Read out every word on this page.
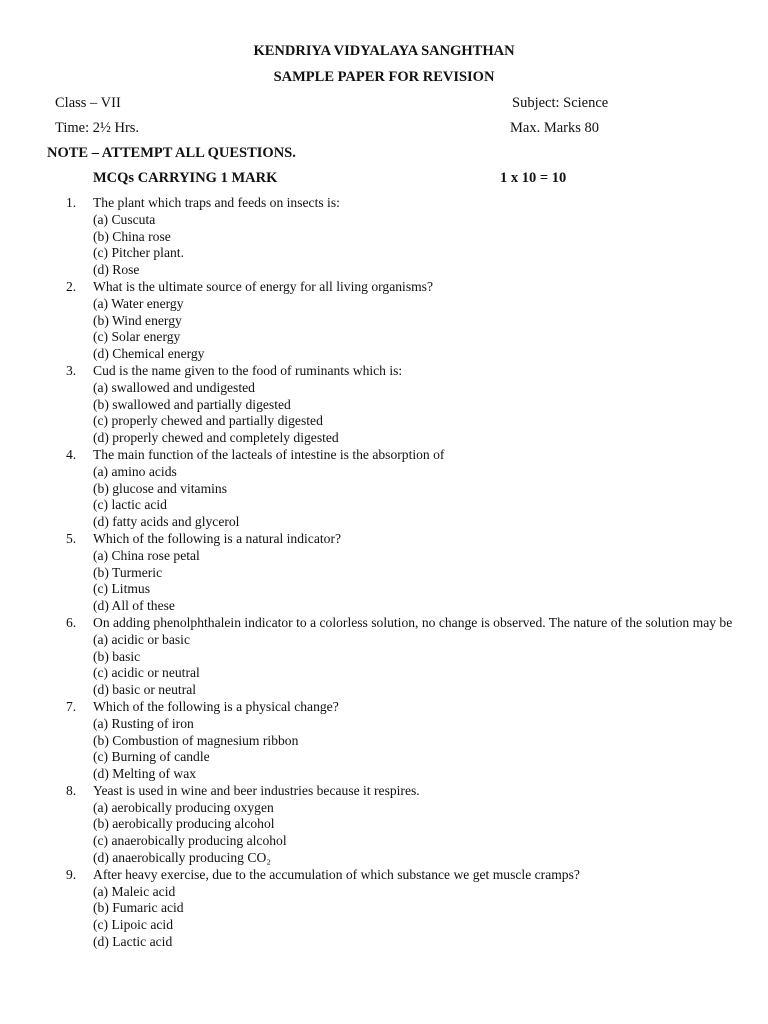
KENDRIYA VIDYALAYA SANGHTHAN
SAMPLE PAPER FOR REVISION
Class – VII	Subject: Science
Time: 2½ Hrs.	Max. Marks 80
NOTE – ATTEMPT ALL QUESTIONS.
MCQs CARRYING 1 MARK	1 x 10 = 10
1.	The plant which traps and feeds on insects is:
(a) Cuscuta
(b) China rose
(c) Pitcher plant.
(d) Rose
2.	What is the ultimate source of energy for all living organisms?
(a) Water energy
(b) Wind energy
(c) Solar energy
(d) Chemical energy
3.	Cud is the name given to the food of ruminants which is:
(a) swallowed and undigested
(b) swallowed and partially digested
(c) properly chewed and partially digested
(d) properly chewed and completely digested
4.	The main function of the lacteals of intestine is the absorption of
(a) amino acids
(b) glucose and vitamins
(c) lactic acid
(d) fatty acids and glycerol
5.	Which of the following is a natural indicator?
(a) China rose petal
(b) Turmeric
(c) Litmus
(d) All of these
6.	On adding phenolphthalein indicator to a colorless solution, no change is observed. The nature of the solution may be
(a) acidic or basic
(b) basic
(c) acidic or neutral
(d) basic or neutral
7.	Which of the following is a physical change?
(a) Rusting of iron
(b) Combustion of magnesium ribbon
(c) Burning of candle
(d) Melting of wax
8.	Yeast is used in wine and beer industries because it respires.
(a) aerobically producing oxygen
(b) aerobically producing alcohol
(c) anaerobically producing alcohol
(d) anaerobically producing CO₂
9.	After heavy exercise, due to the accumulation of which substance we get muscle cramps?
(a) Maleic acid
(b) Fumaric acid
(c) Lipoic acid
(d) Lactic acid
